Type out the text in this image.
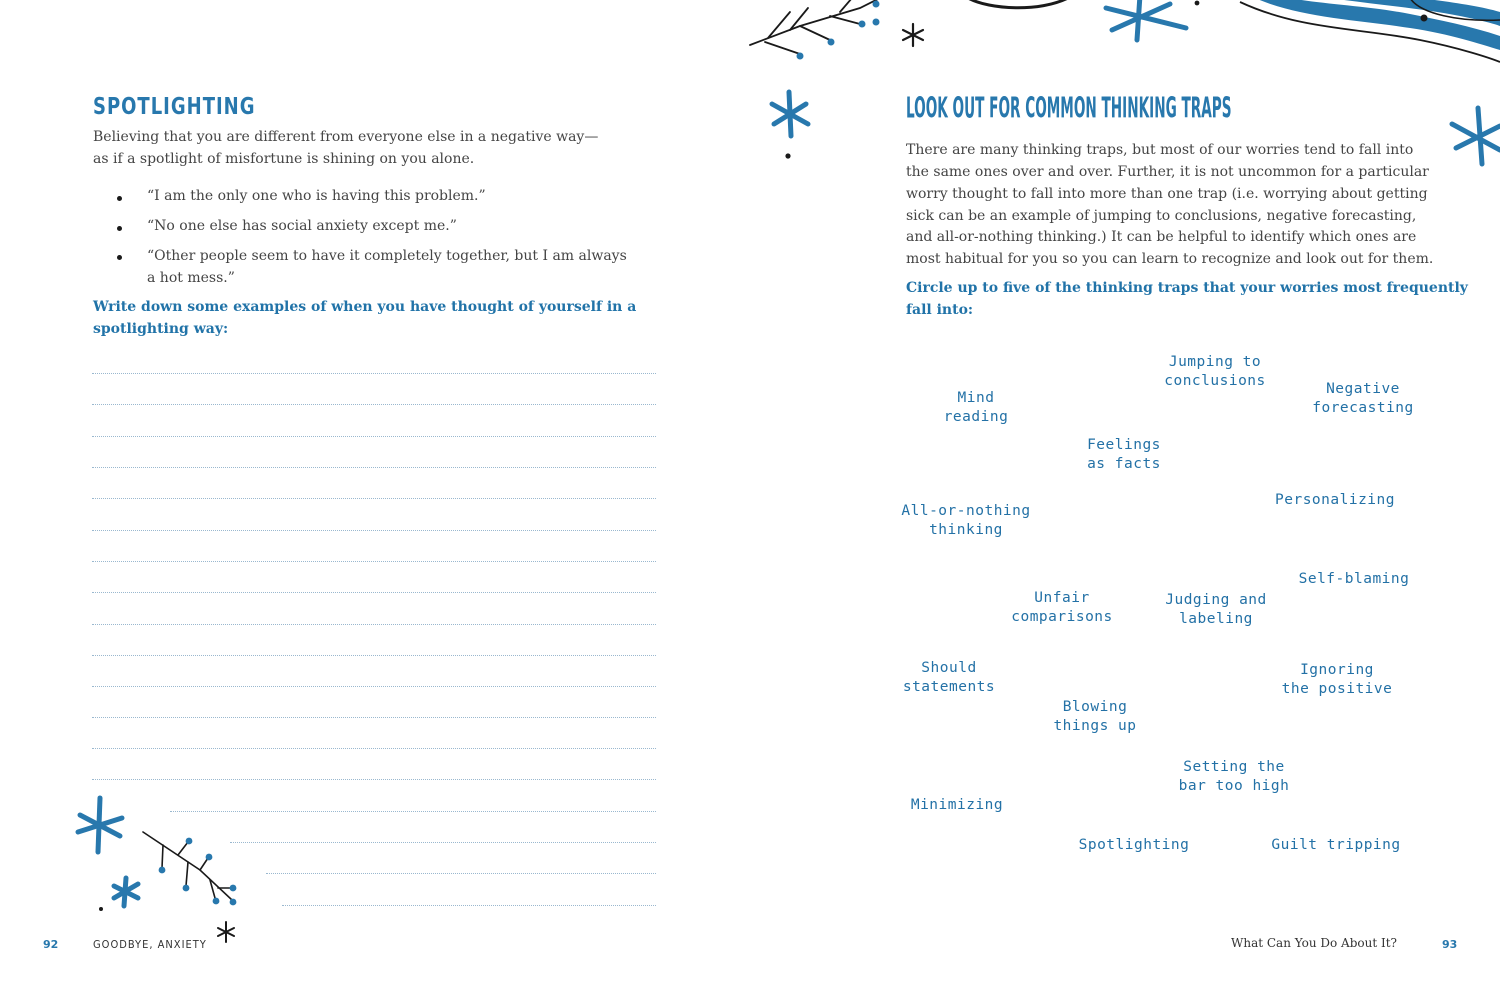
SPOTLIGHTING
Believing that you are different from everyone else in a negative way—
as if a spotlight of misfortune is shining on you alone.
“I am the only one who is having this problem.”
“No one else has social anxiety except me.”
“Other people seem to have it completely together, but I am always
a hot mess.”
Write down some examples of when you have thought of yourself in a
spotlighting way:
92	GOODBYE, ANXIETY
LOOK OUT FOR COMMON THINKING TRAPS
There are many thinking traps, but most of our worries tend to fall into
the same ones over and over. Further, it is not uncommon for a particular
worry thought to fall into more than one trap (i.e. worrying about getting
sick can be an example of jumping to conclusions, negative forecasting,
and all-or-nothing thinking.) It can be helpful to identify which ones are
most habitual for you so you can learn to recognize and look out for them.
Circle up to five of the thinking traps that your worries most frequently
fall into:
Jumping to
conclusions
Mind
reading
Negative
forecasting
Feelings
as facts
All-or-nothing
thinking
Personalizing
Self-blaming
Unfair
comparisons
Judging and
labeling
Should
statements
Ignoring
the positive
Blowing
things up
Setting the
bar too high
Minimizing
Spotlighting	Guilt tripping
What Can You Do About It?	93
